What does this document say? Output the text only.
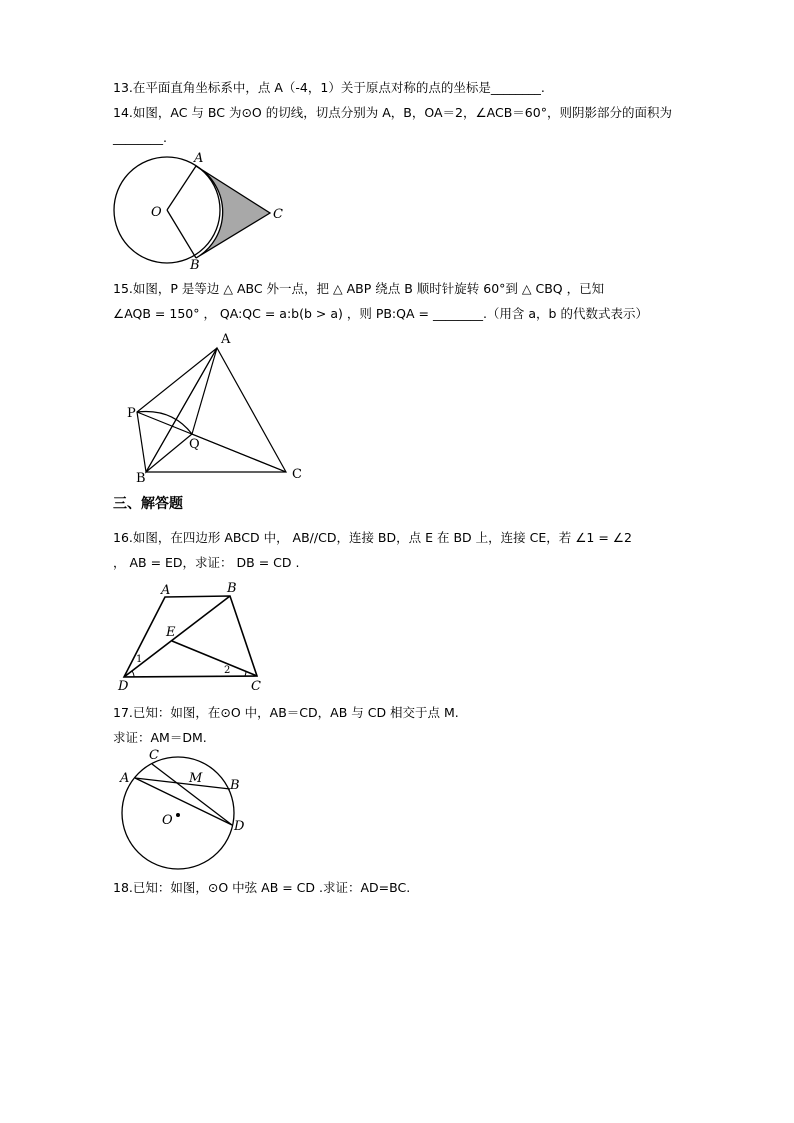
13.在平面直角坐标系中，点 A（-4，1）关于原点对称的点的坐标是________.
14.如图，AC 与 BC 为⊙O 的切线，切点分别为 A，B，OA＝2，∠ACB＝60°，则阴影部分的面积为
________.
A
B
C
O
15.如图，P 是等边 △ ABC 外一点，把 △ ABP 绕点 B 顺时针旋转 60°到 △ CBQ ，已知
∠AQB = 150° ， QA:QC = a:b(b > a) ，则 PB:QA = ________.（用含 a，b 的代数式表示）
A
B	C
P
Q
三、解答题
16.如图，在四边形 ABCD 中， AB//CD，连接 BD，点 E 在 BD 上，连接 CE，若 ∠1 = ∠2
， AB = ED，求证： DB = CD .
A	B
C
D
E
1
2
17.已知：如图，在⊙O 中，AB＝CD，AB 与 CD 相交于点 M.
求证：AM＝DM.
A	B
C
D
M
O
18.已知：如图，⊙O 中弦 AB = CD .求证：AD=BC.
